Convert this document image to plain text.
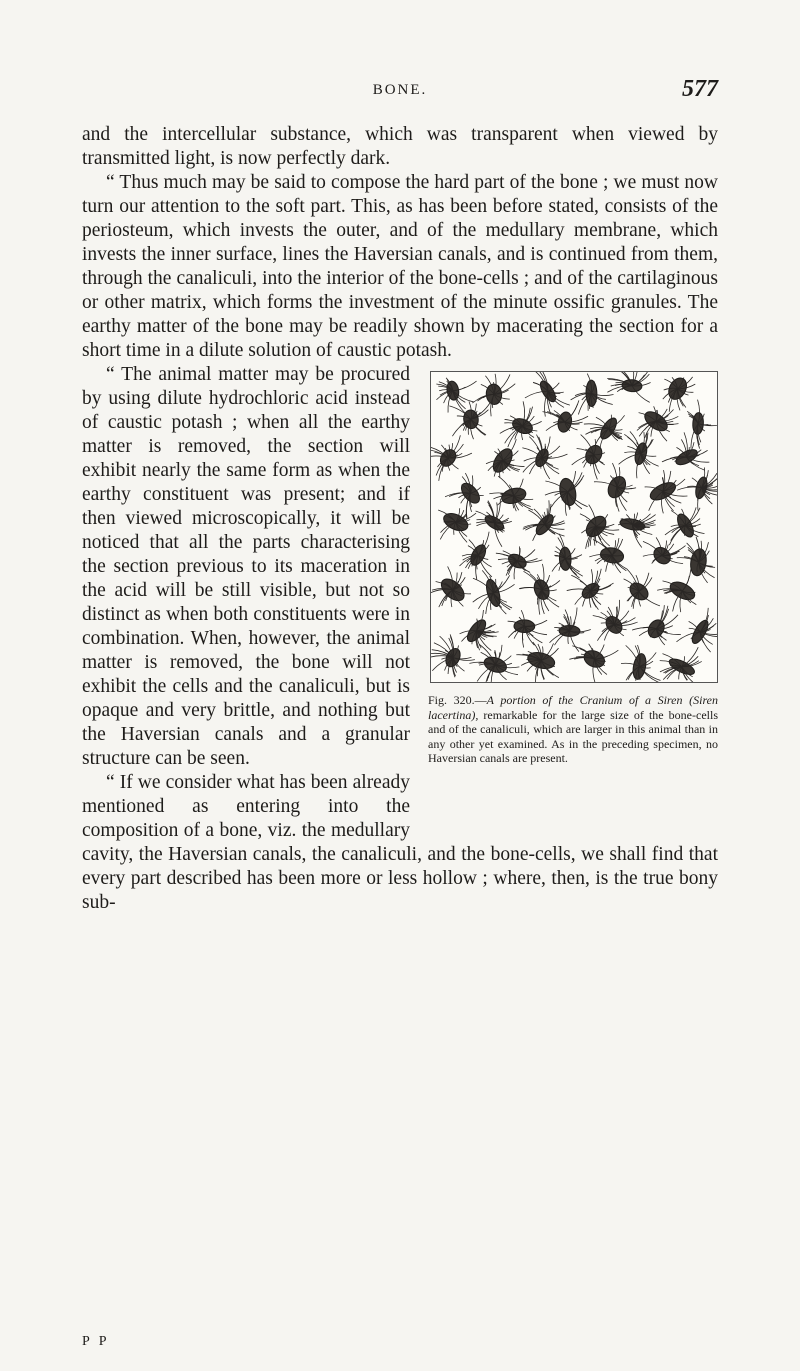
BONE.	577

and the intercellular substance, which was transparent when viewed by transmitted light, is now perfectly dark.

“ Thus much may be said to compose the hard part of the bone ; we must now turn our attention to the soft part. This, as has been before stated, consists of the periosteum, which invests the outer, and of the medullary membrane, which invests the inner surface, lines the Haversian canals, and is continued from them, through the canaliculi, into the interior of the bone-cells ; and of the cartilaginous or other matrix, which forms the investment of the minute ossific granules. The earthy matter of the bone may be readily shown by macerating the section for a short time in a dilute solution of caustic potash.

Fig. 320.—A portion of the Cranium of a Siren (Siren lacertina), remarkable for the large size of the bone-cells and of the canaliculi, which are larger in this animal than in any other yet examined. As in the preceding specimen, no Haversian canals are present.

“ The animal matter may be procured by using dilute hydrochloric acid instead of caustic potash ; when all the earthy matter is removed, the section will exhibit nearly the same form as when the earthy constituent was present; and if then viewed microscopically, it will be noticed that all the parts characterising the section previous to its maceration in the acid will be still visible, but not so distinct as when both constituents were in combination. When, however, the animal matter is removed, the bone will not exhibit the cells and the canaliculi, but is opaque and very brittle, and nothing but the Haversian canals and a granular structure can be seen.

“ If we consider what has been already mentioned as entering into the composition of a bone, viz. the medullary cavity, the Haversian canals, the canaliculi, and the bone-cells, we shall find that every part described has been more or less hollow ; where, then, is the true bony sub-

P P
